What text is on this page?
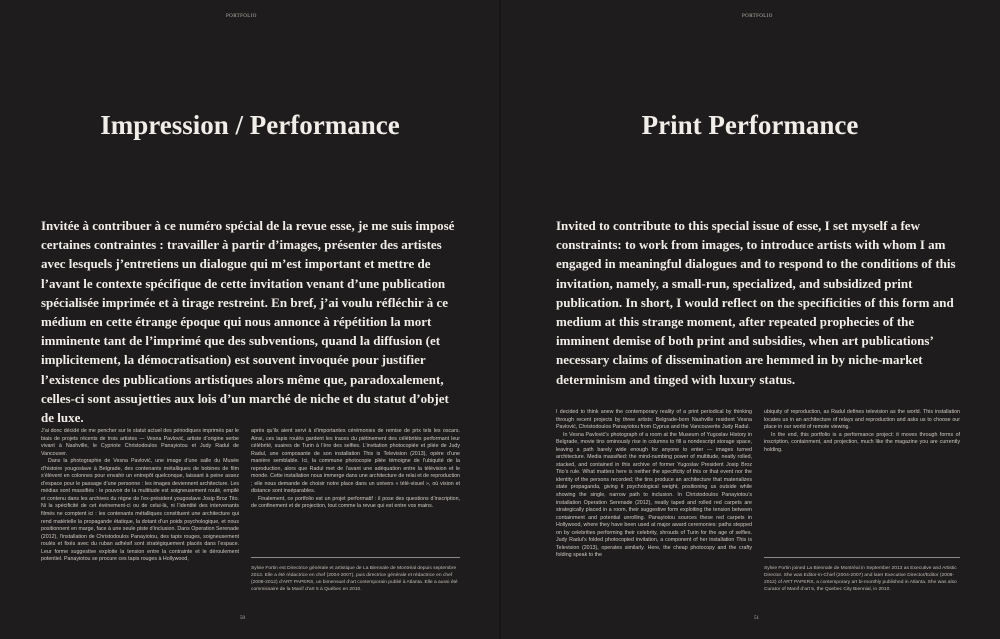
PORTFOLIO
Impression / Performance

Invitée à contribuer à ce numéro spécial de la revue esse, je me suis imposé certaines contraintes : travailler à partir d’images, présenter des artistes avec lesquels j’entretiens un dialogue qui m’est important et mettre de l’avant le contexte spécifique de cette invitation venant d’une publication spécialisée imprimée et à tirage restreint. En bref, j’ai voulu réfléchir à ce médium en cette étrange époque qui nous annonce à répétition la mort imminente tant de l’imprimé que des subventions, quand la diffusion (et implicitement, la démocratisation) est souvent invoquée pour justifier l’existence des publications artistiques alors même que, paradoxalement, celles-ci sont assujetties aux lois d’un marché de niche et du statut d’objet de luxe.

J’ai donc décidé de me pencher sur le statut actuel des périodiques imprimés par le biais de projets récents de trois artistes — Vesna Pavlović, artiste d’origine serbe vivant à Nashville, le Cypriote Christodoulos Panayiotou et Judy Radul de Vancouver.

Dans la photographie de Vesna Pavlović, une image d’une salle du Musée d’histoire yougoslave à Belgrade, des contenants métalliques de bobines de film s’élèvent en colonnes pour envahir un entrepôt quelconque, laissant à peine assez d’espace pour le passage d’une personne : les images deviennent architecture. Les médias sont massifiés : le pouvoir de la multitude est soigneusement roulé, empilé et contenu dans les archives du règne de l’ex-président yougoslave Josip Broz Tito. Ni la spécificité de cet événement-ci ou de celui-là, ni l’identité des intervenants filmés ne comptent ici : les contenants métalliques constituent une architecture qui rend matérielle la propagande étatique, la dotant d’un poids psychologique, et nous positionnent en marge, face à une seule piste d’inclusion. Dans Operation Serenade (2012), l’installation de Christodoulos Panayiotou, des tapis rouges, soigneusement roulés et fixés avec du ruban adhésif sont stratégiquement placés dans l’espace. Leur forme suggestive exploite la tension entre la contrainte et le déroulement potentiel. Panayiotou se procure ces tapis rouges à Hollywood,

après qu’ils aient servi à d’importantes cérémonies de remise de prix tels les oscars. Ainsi, ces tapis roulés gardent les traces du piétinement des célébrités performant leur célébrité, suaires de Turin à l’ère des selfies. L’invitation photocopiée et pliée de Judy Radul, une composante de son installation This is Television (2013), opère d’une manière semblable. Ici, la commune photocopie pliée témoigne de l’ubiquité de la reproduction, alors que Radul met de l’avant une adéquation entre la télévision et le monde. Cette installation nous immerge dans une architecture de relai et de reproduction ; elle nous demande de choisir notre place dans un univers « télé-visuel », où vision et distance sont inséparables.

Finalement, ce portfolio est un projet performatif : il pose des questions d’inscription, de confinement et de projection, tout comme la revue qui est entre vos mains.

Sylvie Fortin est Directrice générale et artistique de La Biennale de Montréal depuis septembre 2013. Elle a été rédactrice en chef (2004-2007), puis directrice générale et rédactrice en chef (2008-2012) d’ART PAPERS, un bimensuel d’art contemporain publié à Atlanta. Elle a aussi été commissaire de la Manif d’art 5 à Québec en 2010.

50
PORTFOLIO
Print Performance

Invited to contribute to this special issue of esse, I set myself a few constraints: to work from images, to introduce artists with whom I am engaged in meaningful dialogues and to respond to the conditions of this invitation, namely, a small-run, specialized, and subsidized print publication. In short, I would reflect on the specificities of this form and medium at this strange moment, after repeated prophecies of the imminent demise of both print and subsidies, when art publications’ necessary claims of dissemination are hemmed in by niche-market determinism and tinged with luxury status.

I decided to think anew the contemporary reality of a print periodical by thinking through recent projects by three artists: Belgrade-born Nashville resident Vesna Pavlović, Christodoulos Panayiotou from Cyprus and the Vancouverite Judy Radul.

In Vesna Pavlović’s photograph of a room at the Museum of Yugoslav History in Belgrade, movie tins ominously rise in columns to fill a nondescript storage space, leaving a path barely wide enough for anyone to enter — images turned architecture. Media massified: the mind-numbing power of multitude, neatly rolled, stacked, and contained in this archive of former Yugoslav President Josip Broz Tito’s rule. What matters here is neither the specificity of this or that event nor the identity of the persons recorded; the tins produce an architecture that materializes state propaganda, giving it psychological weight, positioning us outside while showing the single, narrow path to inclusion. In Christodoulos Panayiotou’s installation Operation Serenade (2012), neatly taped and rolled red carpets are strategically placed in a room, their suggestive form exploiting the tension between containment and potential unrolling. Panayiotou sources these red carpets in Hollywood, where they have been used at major award ceremonies: paths stepped on by celebrities performing their celebrity, shrouds of Turin for the age of selfies. Judy Radul’s folded photocopied invitation, a component of her installation This is Television (2013), operates similarly. Here, the cheap photocopy and the crafty folding speak to the

ubiquity of reproduction, as Radul defines television as the world. This installation locates us in an architecture of relays and reproduction and asks us to choose our place in our world of remote viewing.

In the end, this portfolio is a performance project: it moves through forms of inscription, containment, and projection, much like the magazine you are currently holding.

Sylvie Fortin joined La Biennale de Montréal in September 2013 as Executive and Artistic Director. She was Editor-in-Chief (2004-2007) and later Executive Director/Editor (2008-2012) of ART PAPERS, a contemporary art bi-monthly published in Atlanta. She was also Curator of Manif d’art 5, the Quebec City Biennial, in 2010.

51
